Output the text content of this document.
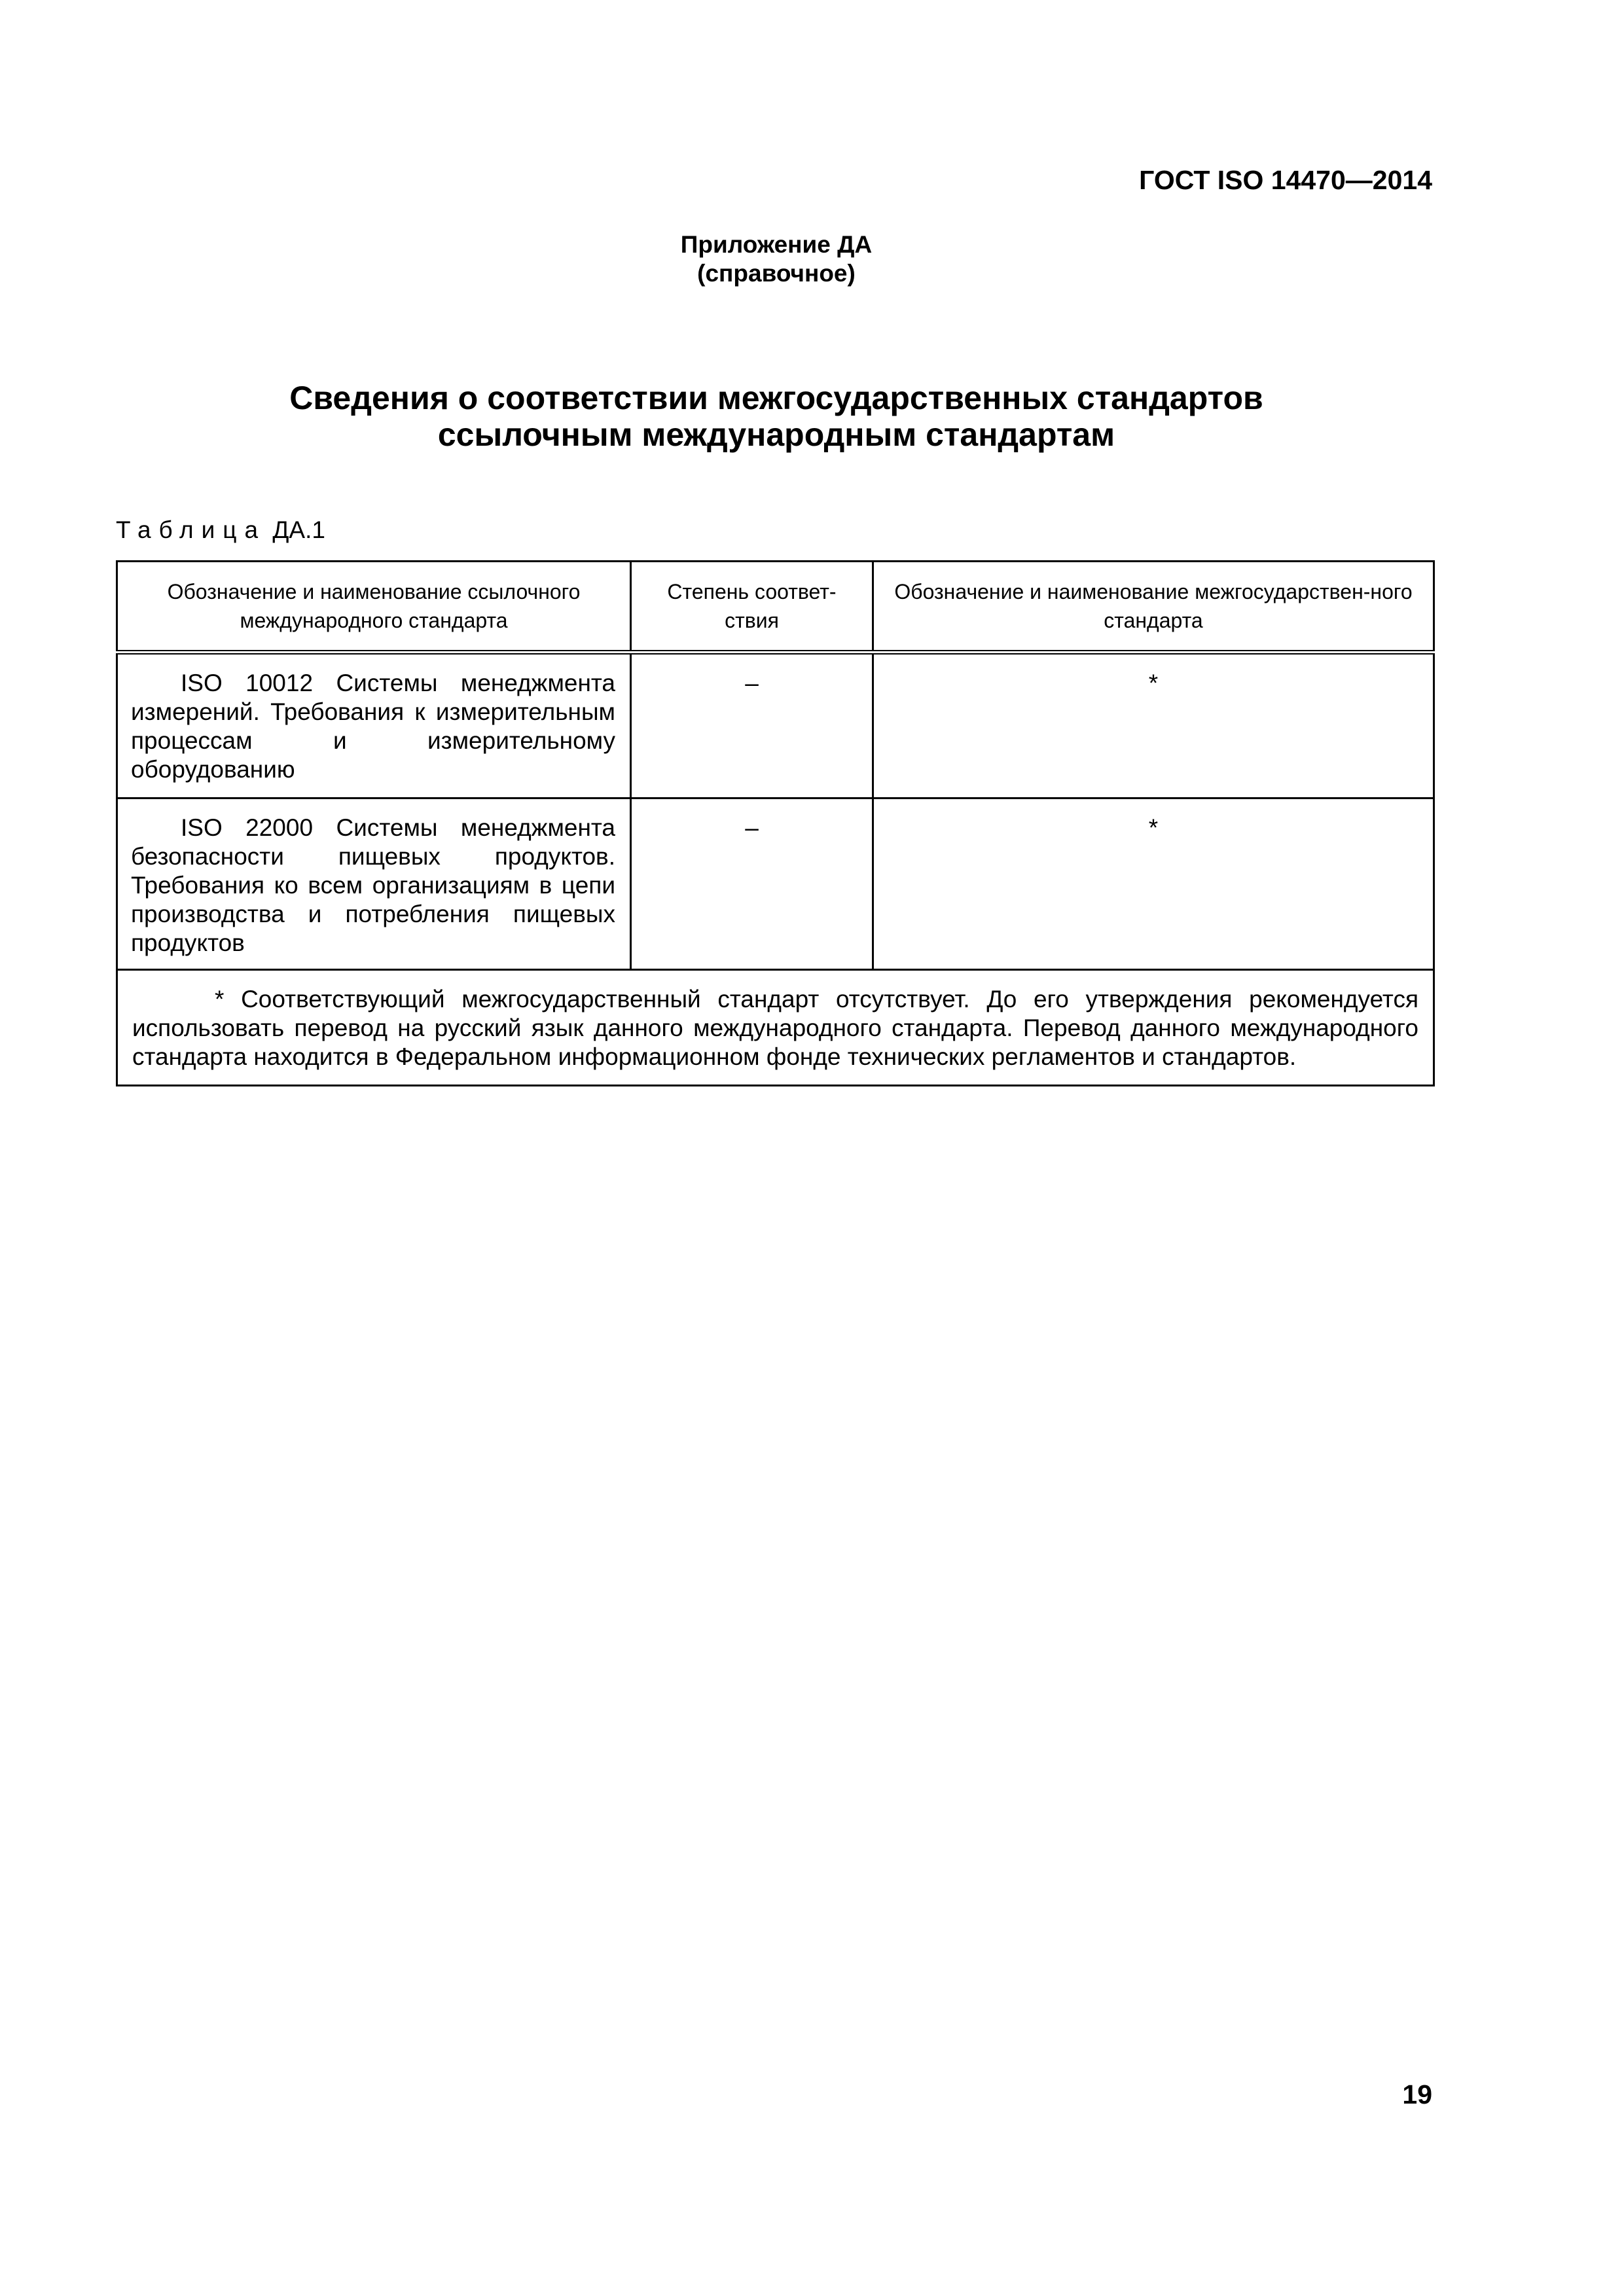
ГОСТ ISO 14470—2014
Приложение ДА
(справочное)
Сведения о соответствии межгосударственных стандартов
ссылочным международным стандартам
Таблица ДА.1
Обозначение и наименование ссылочного международного стандарта	Степень соответ-ствия	Обозначение и наименование межгосударствен-ного стандарта

ISO 10012 Системы менеджмента измерений. Требования к измерительным процессам и измерительному оборудованию	–	*

ISO 22000 Системы менеджмента безопасности пищевых продуктов. Требования ко всем организациям в цепи производства и потребления пищевых продуктов	–	*

* Соответствующий межгосударственный стандарт отсутствует. До его утверждения рекомендуется использовать перевод на русский язык данного международного стандарта. Перевод данного международного стандарта находится в Федеральном информационном фонде технических регламентов и стандартов.		
19
